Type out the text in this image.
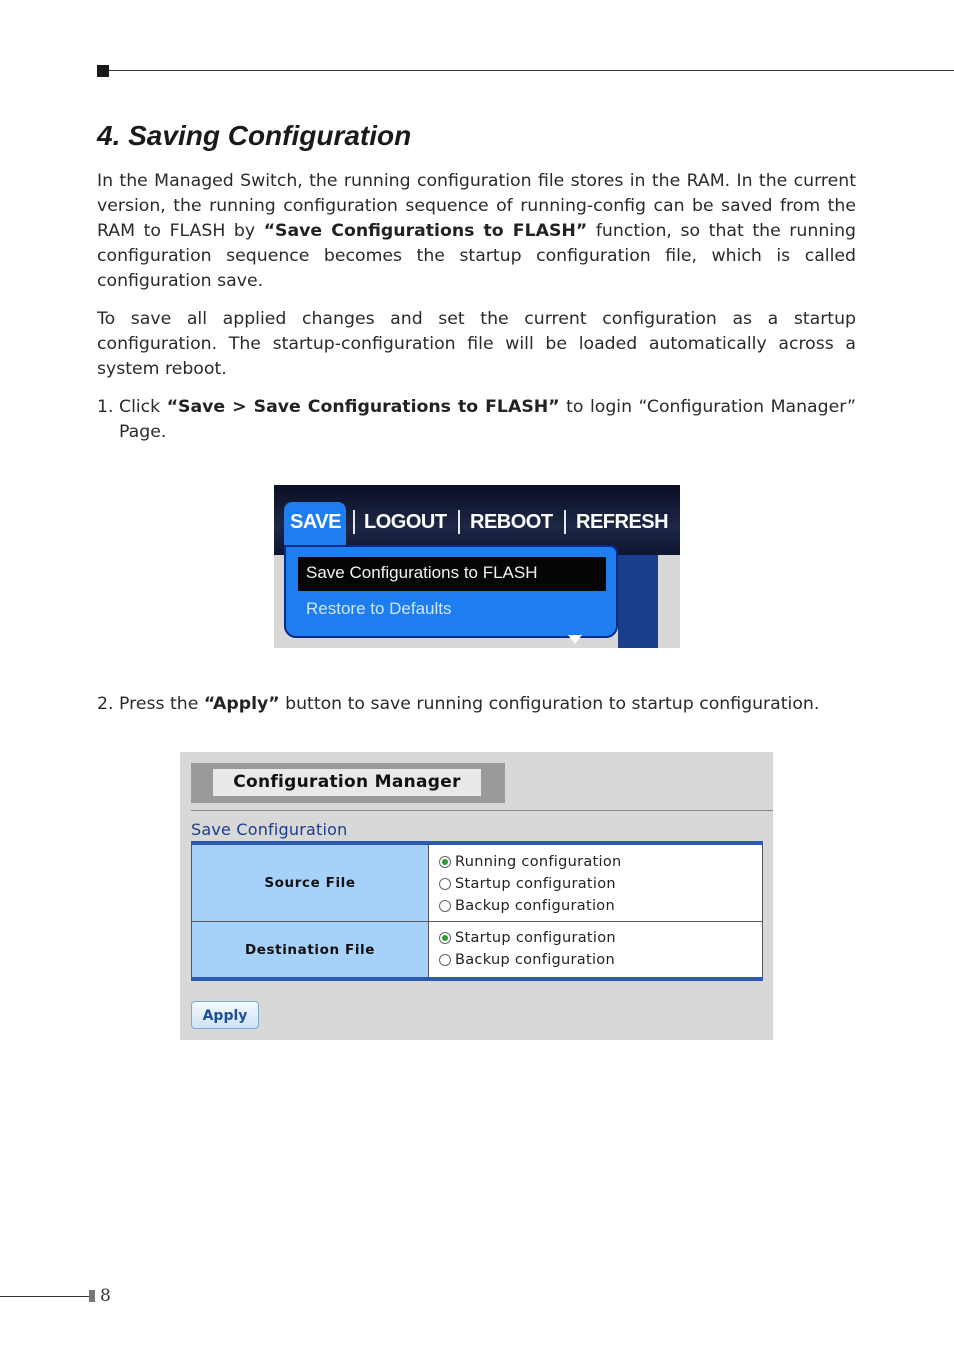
4. Saving Configuration

In the Managed Switch, the running configuration file stores in the RAM. In the current version, the running configuration sequence of running-config can be saved from the RAM to FLASH by “Save Configurations to FLASH” function, so that the running configuration sequence becomes the startup configuration file, which is called configuration save.

To save all applied changes and set the current configuration as a startup configuration. The startup-configuration file will be loaded automatically across a system reboot.

1. Click “Save > Save Configurations to FLASH” to login “Configuration Manager” Page.
SAVE LOGOUT REBOOT REFRESH
Save Configurations to FLASH
Restore to Defaults
2. Press the “Apply” button to save running configuration to startup configuration.
Configuration Manager
Save Configuration
Source File
Running configuration
Startup configuration
Backup configuration
Destination File
Startup configuration
Backup configuration
Apply
8
